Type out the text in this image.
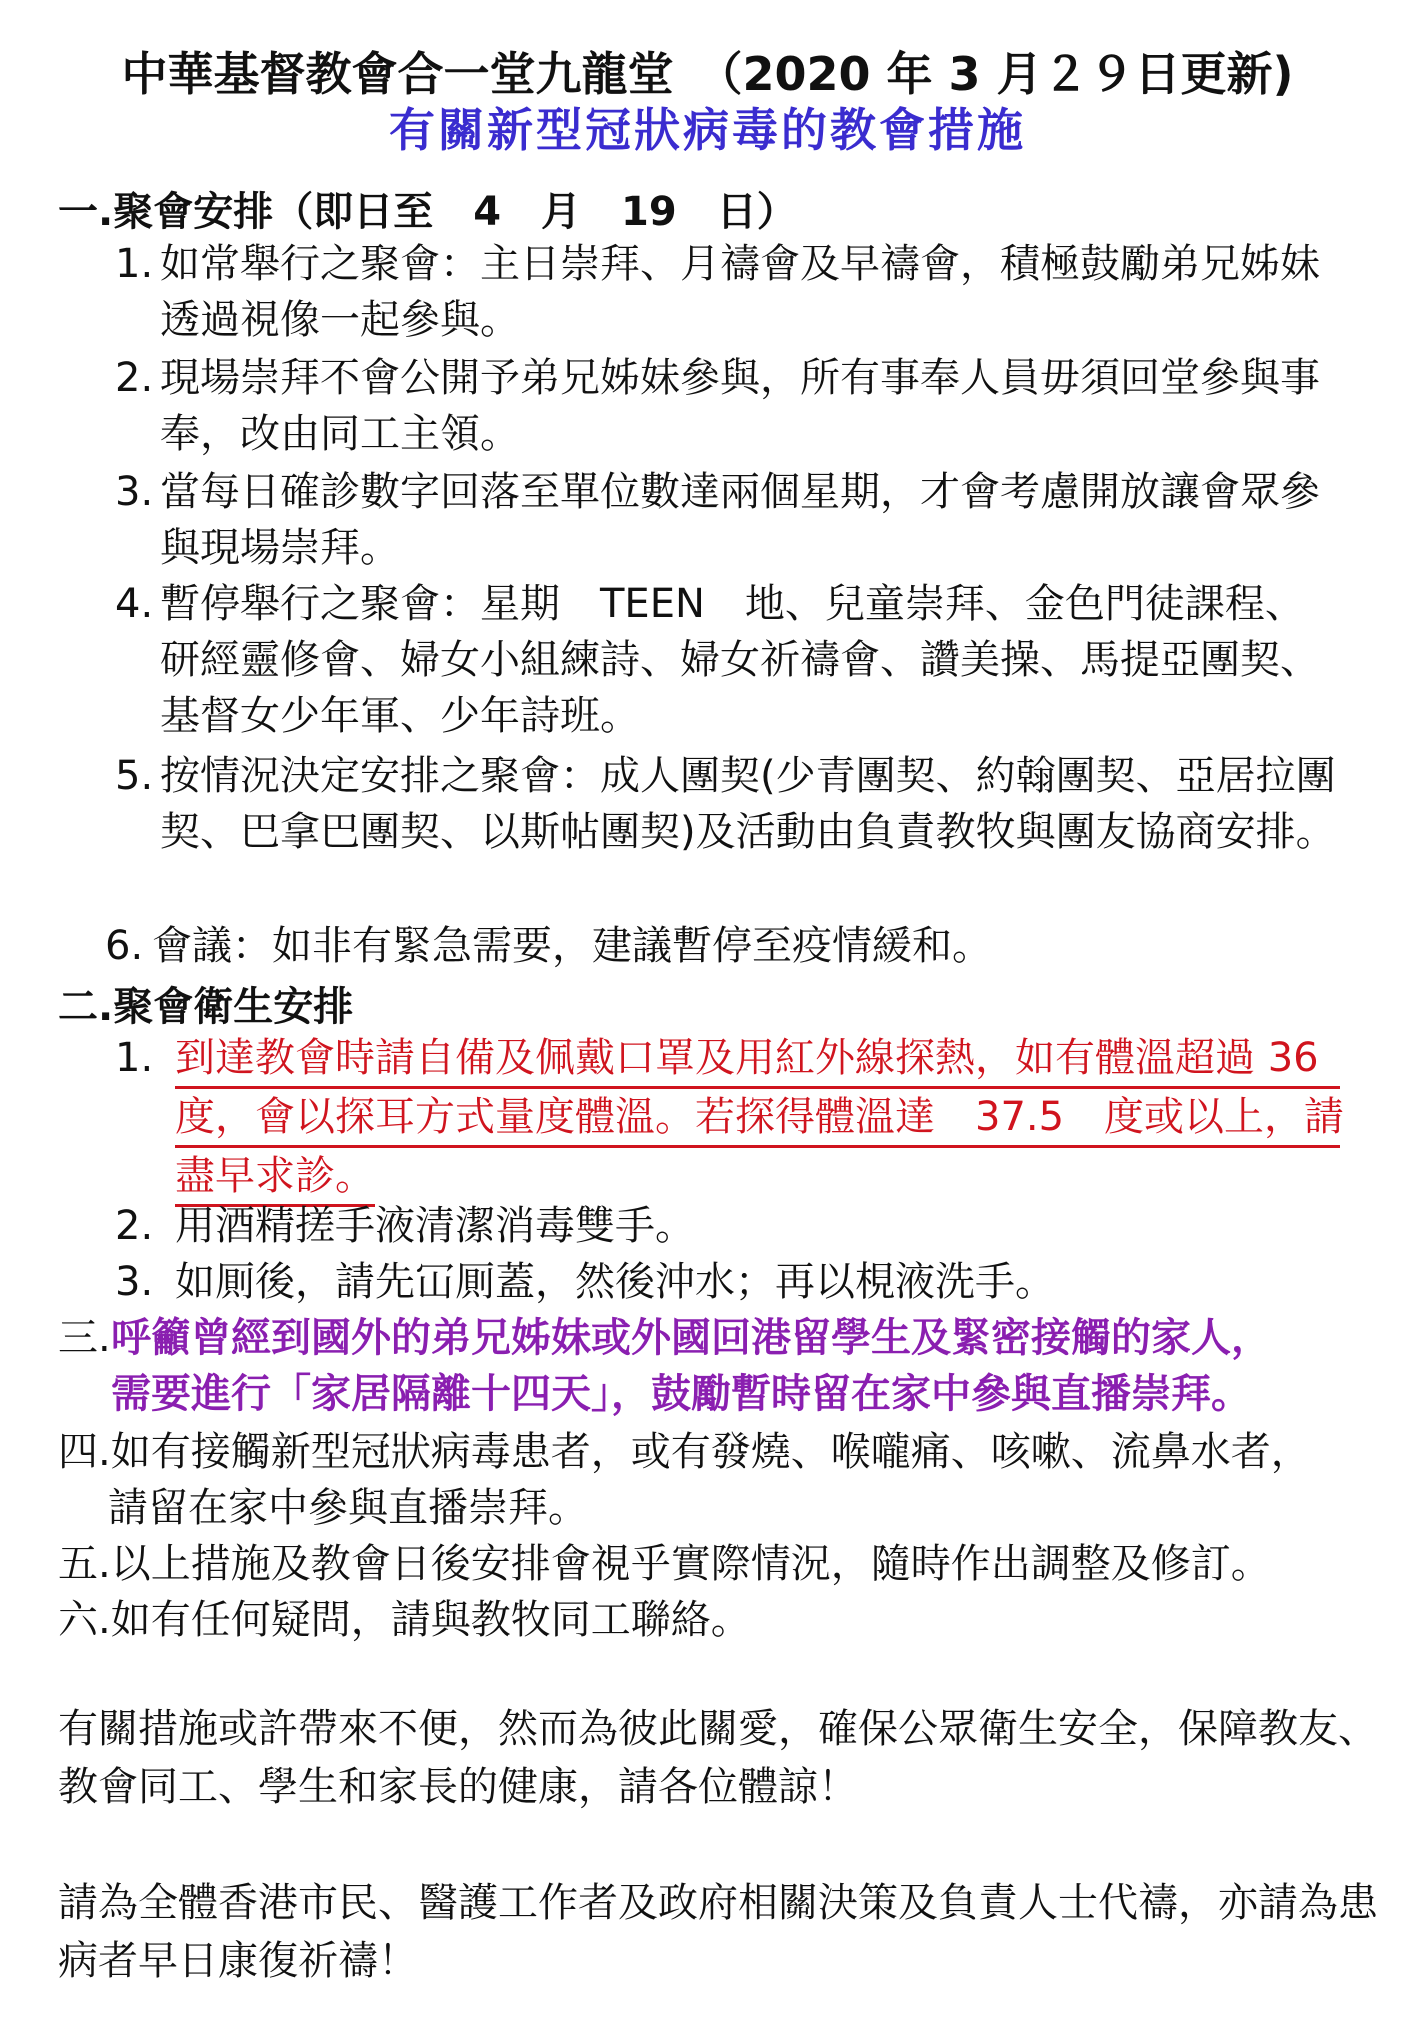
中華基督教會合一堂九龍堂　（2020 年 3 月２９日更新)
有關新型冠狀病毒的教會措施
一.聚會安排（即日至　4　月　19　日）
1. 如常舉行之聚會：主日崇拜、月禱會及早禱會，積極鼓勵弟兄姊妹透過視像一起參與。
2. 現場崇拜不會公開予弟兄姊妹參與，所有事奉人員毋須回堂參與事奉，改由同工主領。
3. 當每日確診數字回落至單位數達兩個星期，才會考慮開放讓會眾參與現場崇拜。
4. 暫停舉行之聚會：星期　TEEN　地、兒童崇拜、金色門徒課程、研經靈修會、婦女小組練詩、婦女祈禱會、讚美操、馬提亞團契、基督女少年軍、少年詩班。
5. 按情況決定安排之聚會：成人團契(少青團契、約翰團契、亞居拉團契、巴拿巴團契、以斯帖團契)及活動由負責教牧與團友協商安排。
6. 會議：如非有緊急需要，建議暫停至疫情緩和。
二.聚會衛生安排
1. 到達教會時請自備及佩戴口罩及用紅外線探熱，如有體溫超過 36
度，會以探耳方式量度體溫。若探得體溫達　37.5　度或以上，請
盡早求診。
2. 用酒精搓手液清潔消毒雙手。
3. 如厠後，請先冚厠蓋，然後沖水；再以梘液洗手。
三. 呼籲曾經到國外的弟兄姊妹或外國回港留學生及緊密接觸的家人，
需要進行「家居隔離十四天」，鼓勵暫時留在家中參與直播崇拜。
四.如有接觸新型冠狀病毒患者，或有發燒、喉嚨痛、咳嗽、流鼻水者，
請留在家中參與直播崇拜。
五.以上措施及教會日後安排會視乎實際情況，隨時作出調整及修訂。
六.如有任何疑問，請與教牧同工聯絡。
有關措施或許帶來不便，然而為彼此關愛，確保公眾衛生安全，保障教友、教會同工、學生和家長的健康，請各位體諒！
請為全體香港市民、醫護工作者及政府相關決策及負責人士代禱，亦請為患病者早日康復祈禱！
